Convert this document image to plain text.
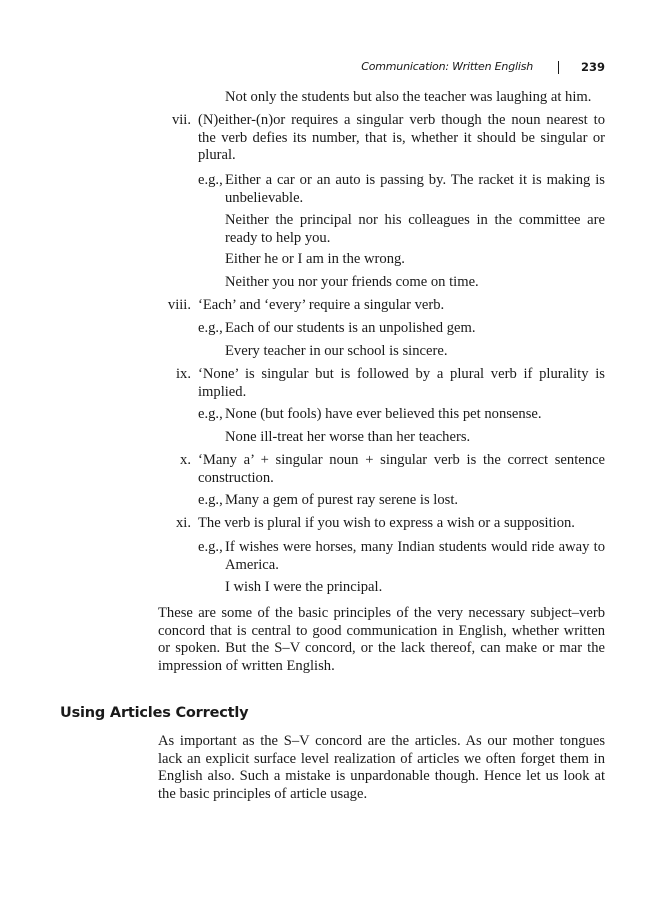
Communication: Written English	239
Not only the students but also the teacher was laughing at him.
vii. (N)either-(n)or requires a singular verb though the noun nearest to the verb defies its number, that is, whether it should be singular or plural.
e.g., Either a car or an auto is passing by. The racket it is making is unbelievable.
Neither the principal nor his colleagues in the committee are ready to help you.
Either he or I am in the wrong.
Neither you nor your friends come on time.
viii. ‘Each’ and ‘every’ require a singular verb.
e.g., Each of our students is an unpolished gem.
Every teacher in our school is sincere.
ix. ‘None’ is singular but is followed by a plural verb if plurality is implied.
e.g., None (but fools) have ever believed this pet nonsense.
None ill-treat her worse than her teachers.
x. ‘Many a’ + singular noun + singular verb is the correct sentence construction.
e.g., Many a gem of purest ray serene is lost.
xi. The verb is plural if you wish to express a wish or a supposition.
e.g., If wishes were horses, many Indian students would ride away to America.
I wish I were the principal.
These are some of the basic principles of the very necessary subject–verb concord that is central to good communication in English, whether written or spoken. But the S–V concord, or the lack thereof, can make or mar the impression of written English.
Using Articles Correctly
As important as the S–V concord are the articles. As our mother tongues lack an explicit surface level realization of articles we often forget them in English also. Such a mistake is unpardonable though. Hence let us look at the basic principles of article usage.
